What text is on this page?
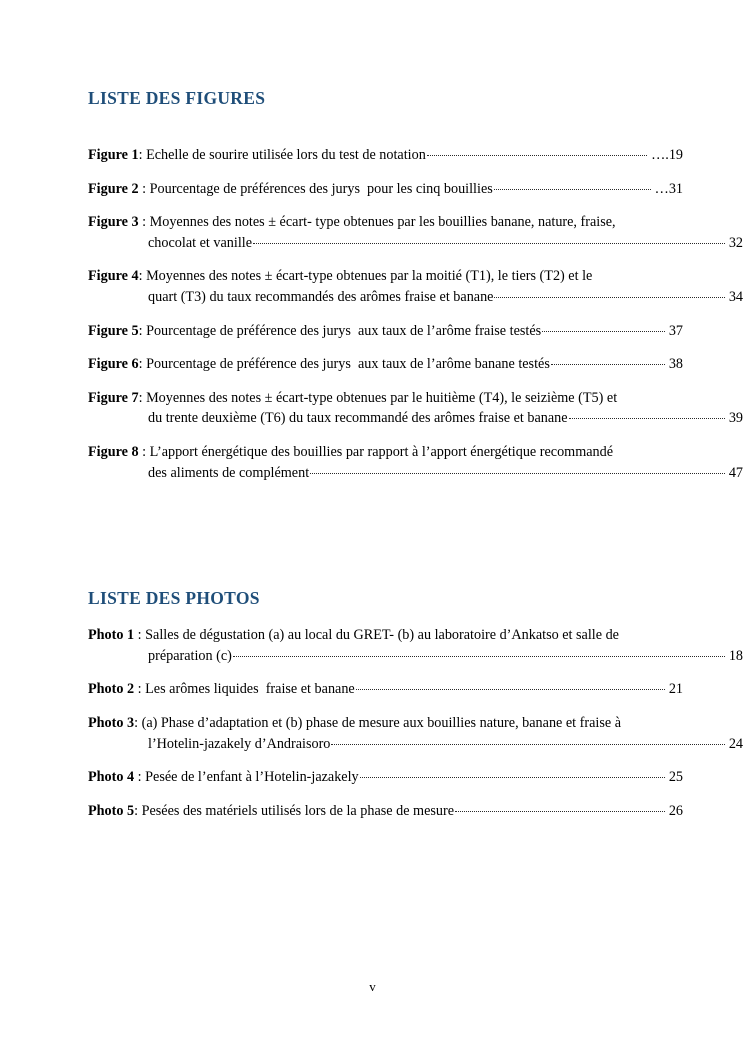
LISTE DES FIGURES
Figure 1 : Echelle de sourire utilisée lors du test de notation	….19
Figure 2 : Pourcentage de préférences des jurys  pour les cinq bouillies	…31
Figure 3 : Moyennes des notes ± écart- type obtenues par les bouillies banane, nature, fraise,
chocolat et vanille	32
Figure 4 : Moyennes des notes ± écart-type obtenues par la moitié (T1), le tiers (T2) et le
quart (T3) du taux recommandés des arômes fraise et banane	34
Figure 5 : Pourcentage de préférence des jurys  aux taux de l’arôme fraise testés	37
Figure 6 : Pourcentage de préférence des jurys  aux taux de l’arôme banane testés	38
Figure 7 : Moyennes des notes ± écart-type obtenues par le huitième (T4), le seizième (T5) et
du trente deuxième (T6) du taux recommandé des arômes fraise et banane	39
Figure 8 : L’apport énergétique des bouillies par rapport à l’apport énergétique recommandé
des aliments de complément	47
LISTE DES PHOTOS
Photo 1 : Salles de dégustation (a) au local du GRET- (b) au laboratoire d’Ankatso et salle de
préparation (c)	18
Photo 2 : Les arômes liquides  fraise et banane	21
Photo 3 : (a) Phase d’adaptation et (b) phase de mesure aux bouillies nature, banane et fraise à
l’Hotelin-jazakely d’Andraisoro	24
Photo 4 : Pesée de l’enfant à l’Hotelin-jazakely	25
Photo 5 : Pesées des matériels utilisés lors de la phase de mesure	26
v
